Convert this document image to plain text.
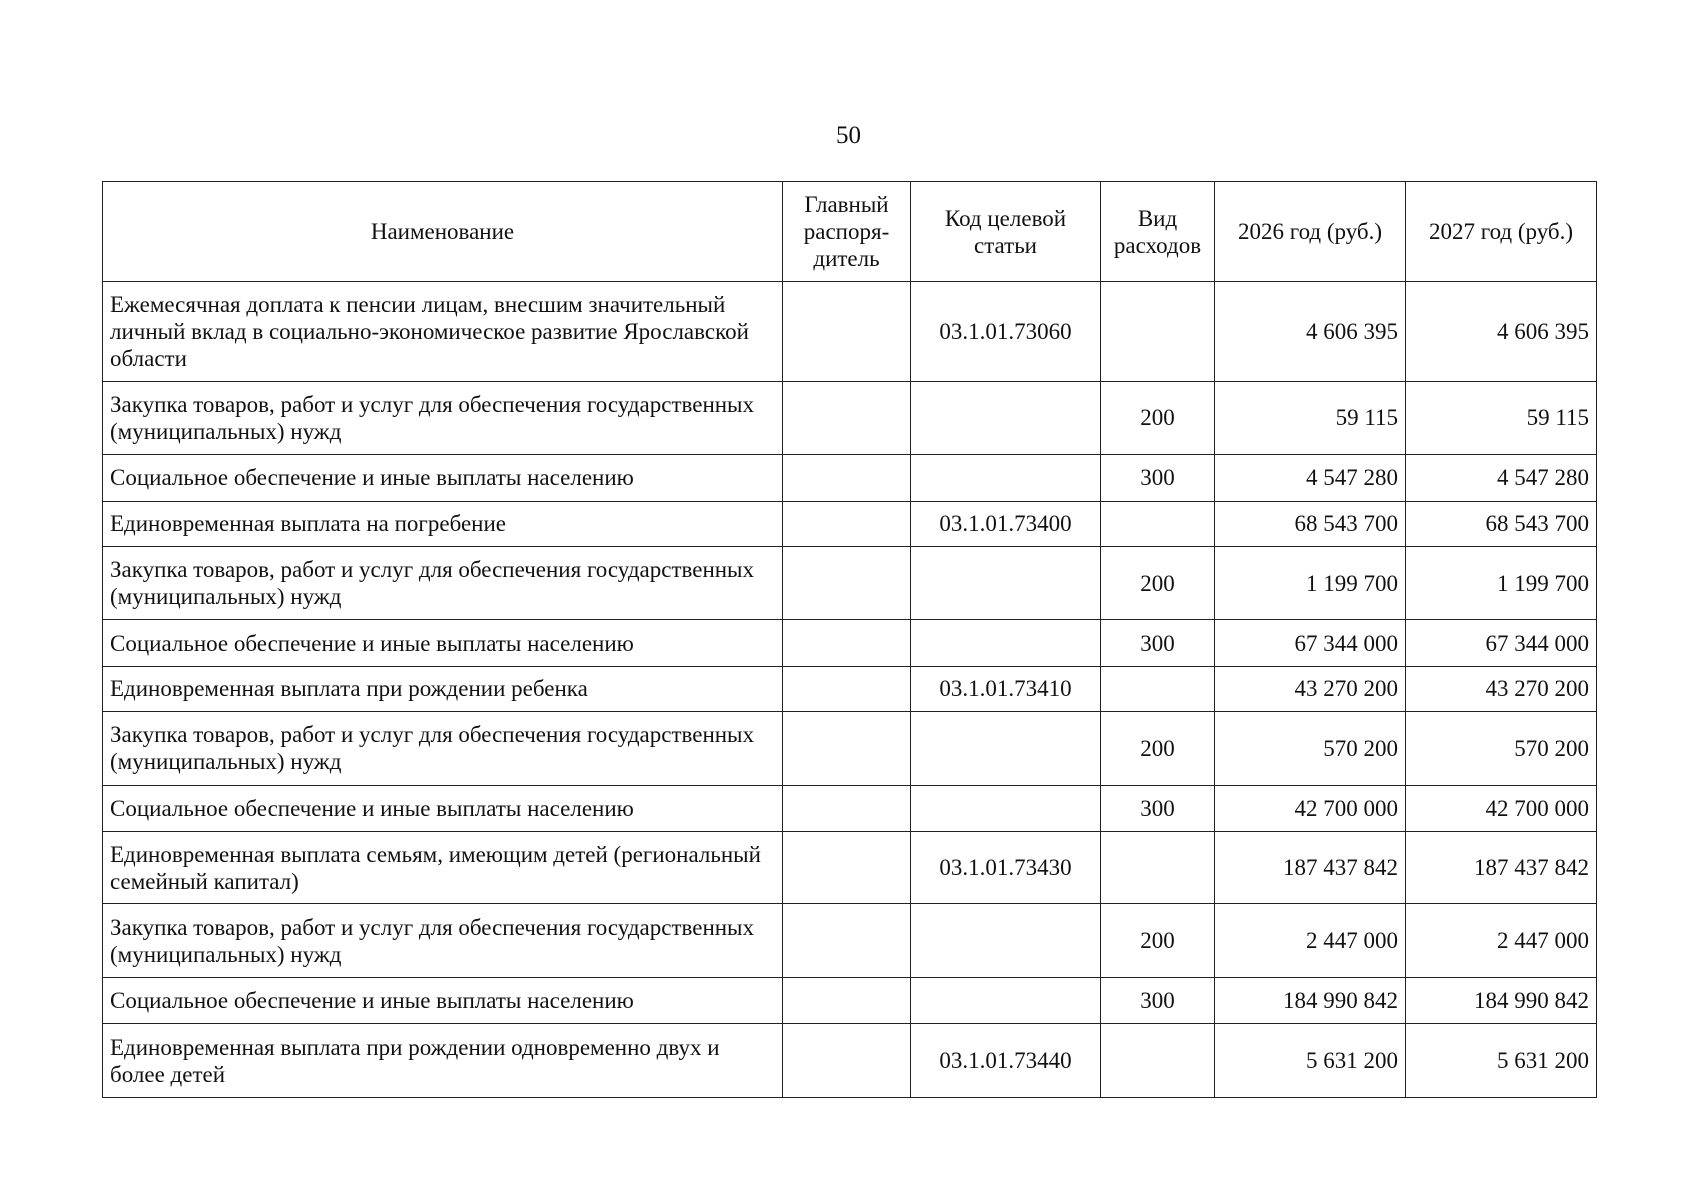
50
Наименование	Главный распоря-дитель	Код целевой статьи	Вид расходов	2026 год (руб.)	2027 год (руб.)
Ежемесячная доплата к пенсии лицам, внесшим значительный личный вклад в социально-экономическое развитие Ярославской области		03.1.01.73060		4 606 395	4 606 395
Закупка товаров, работ и услуг для обеспечения государственных (муниципальных) нужд			200	59 115	59 115
Социальное обеспечение и иные выплаты населению			300	4 547 280	4 547 280
Единовременная выплата на погребение		03.1.01.73400		68 543 700	68 543 700
Закупка товаров, работ и услуг для обеспечения государственных (муниципальных) нужд			200	1 199 700	1 199 700
Социальное обеспечение и иные выплаты населению			300	67 344 000	67 344 000
Единовременная выплата при рождении ребенка		03.1.01.73410		43 270 200	43 270 200
Закупка товаров, работ и услуг для обеспечения государственных (муниципальных) нужд			200	570 200	570 200
Социальное обеспечение и иные выплаты населению			300	42 700 000	42 700 000
Единовременная выплата семьям, имеющим детей (региональный семейный капитал)		03.1.01.73430		187 437 842	187 437 842
Закупка товаров, работ и услуг для обеспечения государственных (муниципальных) нужд			200	2 447 000	2 447 000
Социальное обеспечение и иные выплаты населению			300	184 990 842	184 990 842
Единовременная выплата при рождении одновременно двух и более детей		03.1.01.73440		5 631 200	5 631 200
